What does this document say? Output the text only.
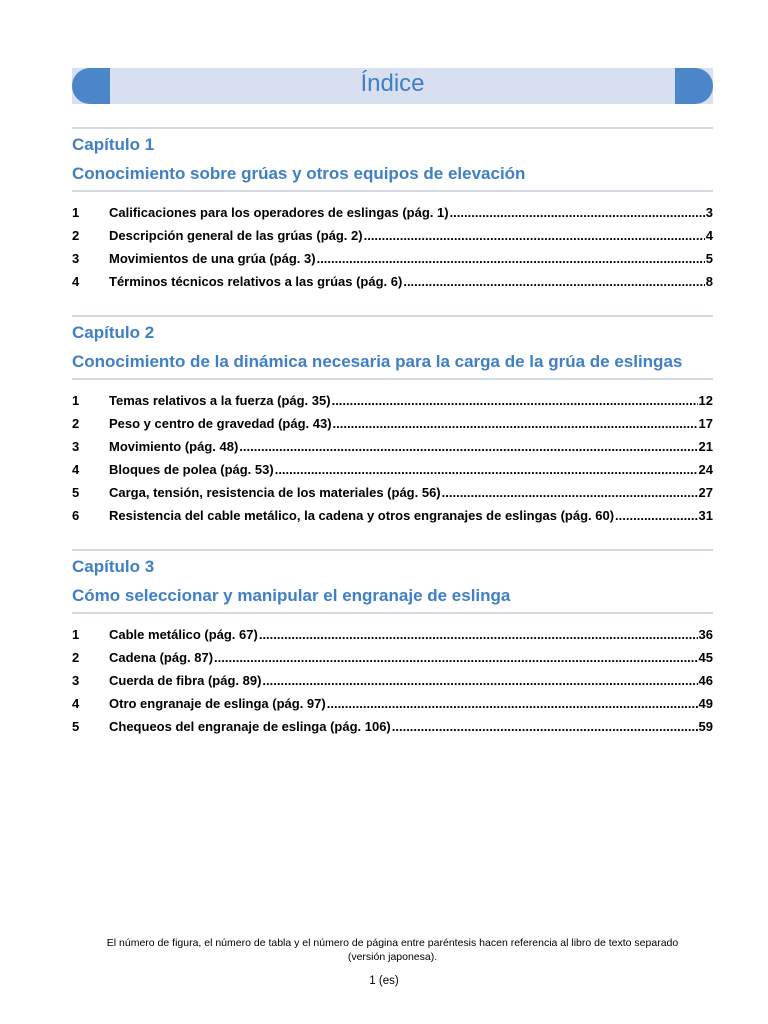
Índice
Capítulo 1
Conocimiento sobre grúas y otros equipos de elevación
1	Calificaciones para los operadores de eslingas (pág. 1) .....	3
2	Descripción general de las grúas (pág. 2) .....	4
3	Movimientos de una grúa (pág. 3) .....	5
4	Términos técnicos relativos a las grúas (pág. 6) .....	8
Capítulo 2
Conocimiento de la dinámica necesaria para la carga de la grúa de eslingas
1	Temas relativos a la fuerza (pág. 35) .....	12
2	Peso y centro de gravedad (pág. 43) .....	17
3	Movimiento (pág. 48) .....	21
4	Bloques de polea (pág. 53) .....	24
5	Carga, tensión, resistencia de los materiales (pág. 56) .....	27
6	Resistencia del cable metálico, la cadena y otros engranajes de eslingas (pág. 60) .....	31
Capítulo 3
Cómo seleccionar y manipular el engranaje de eslinga
1	Cable metálico (pág. 67) .....	36
2	Cadena (pág. 87) .....	45
3	Cuerda de fibra (pág. 89) .....	46
4	Otro engranaje de eslinga (pág. 97) .....	49
5	Chequeos del engranaje de eslinga (pág. 106) .....	59
El número de figura, el número de tabla y el número de página entre paréntesis hacen referencia al libro de texto separado
(versión japonesa).
1 (es)
